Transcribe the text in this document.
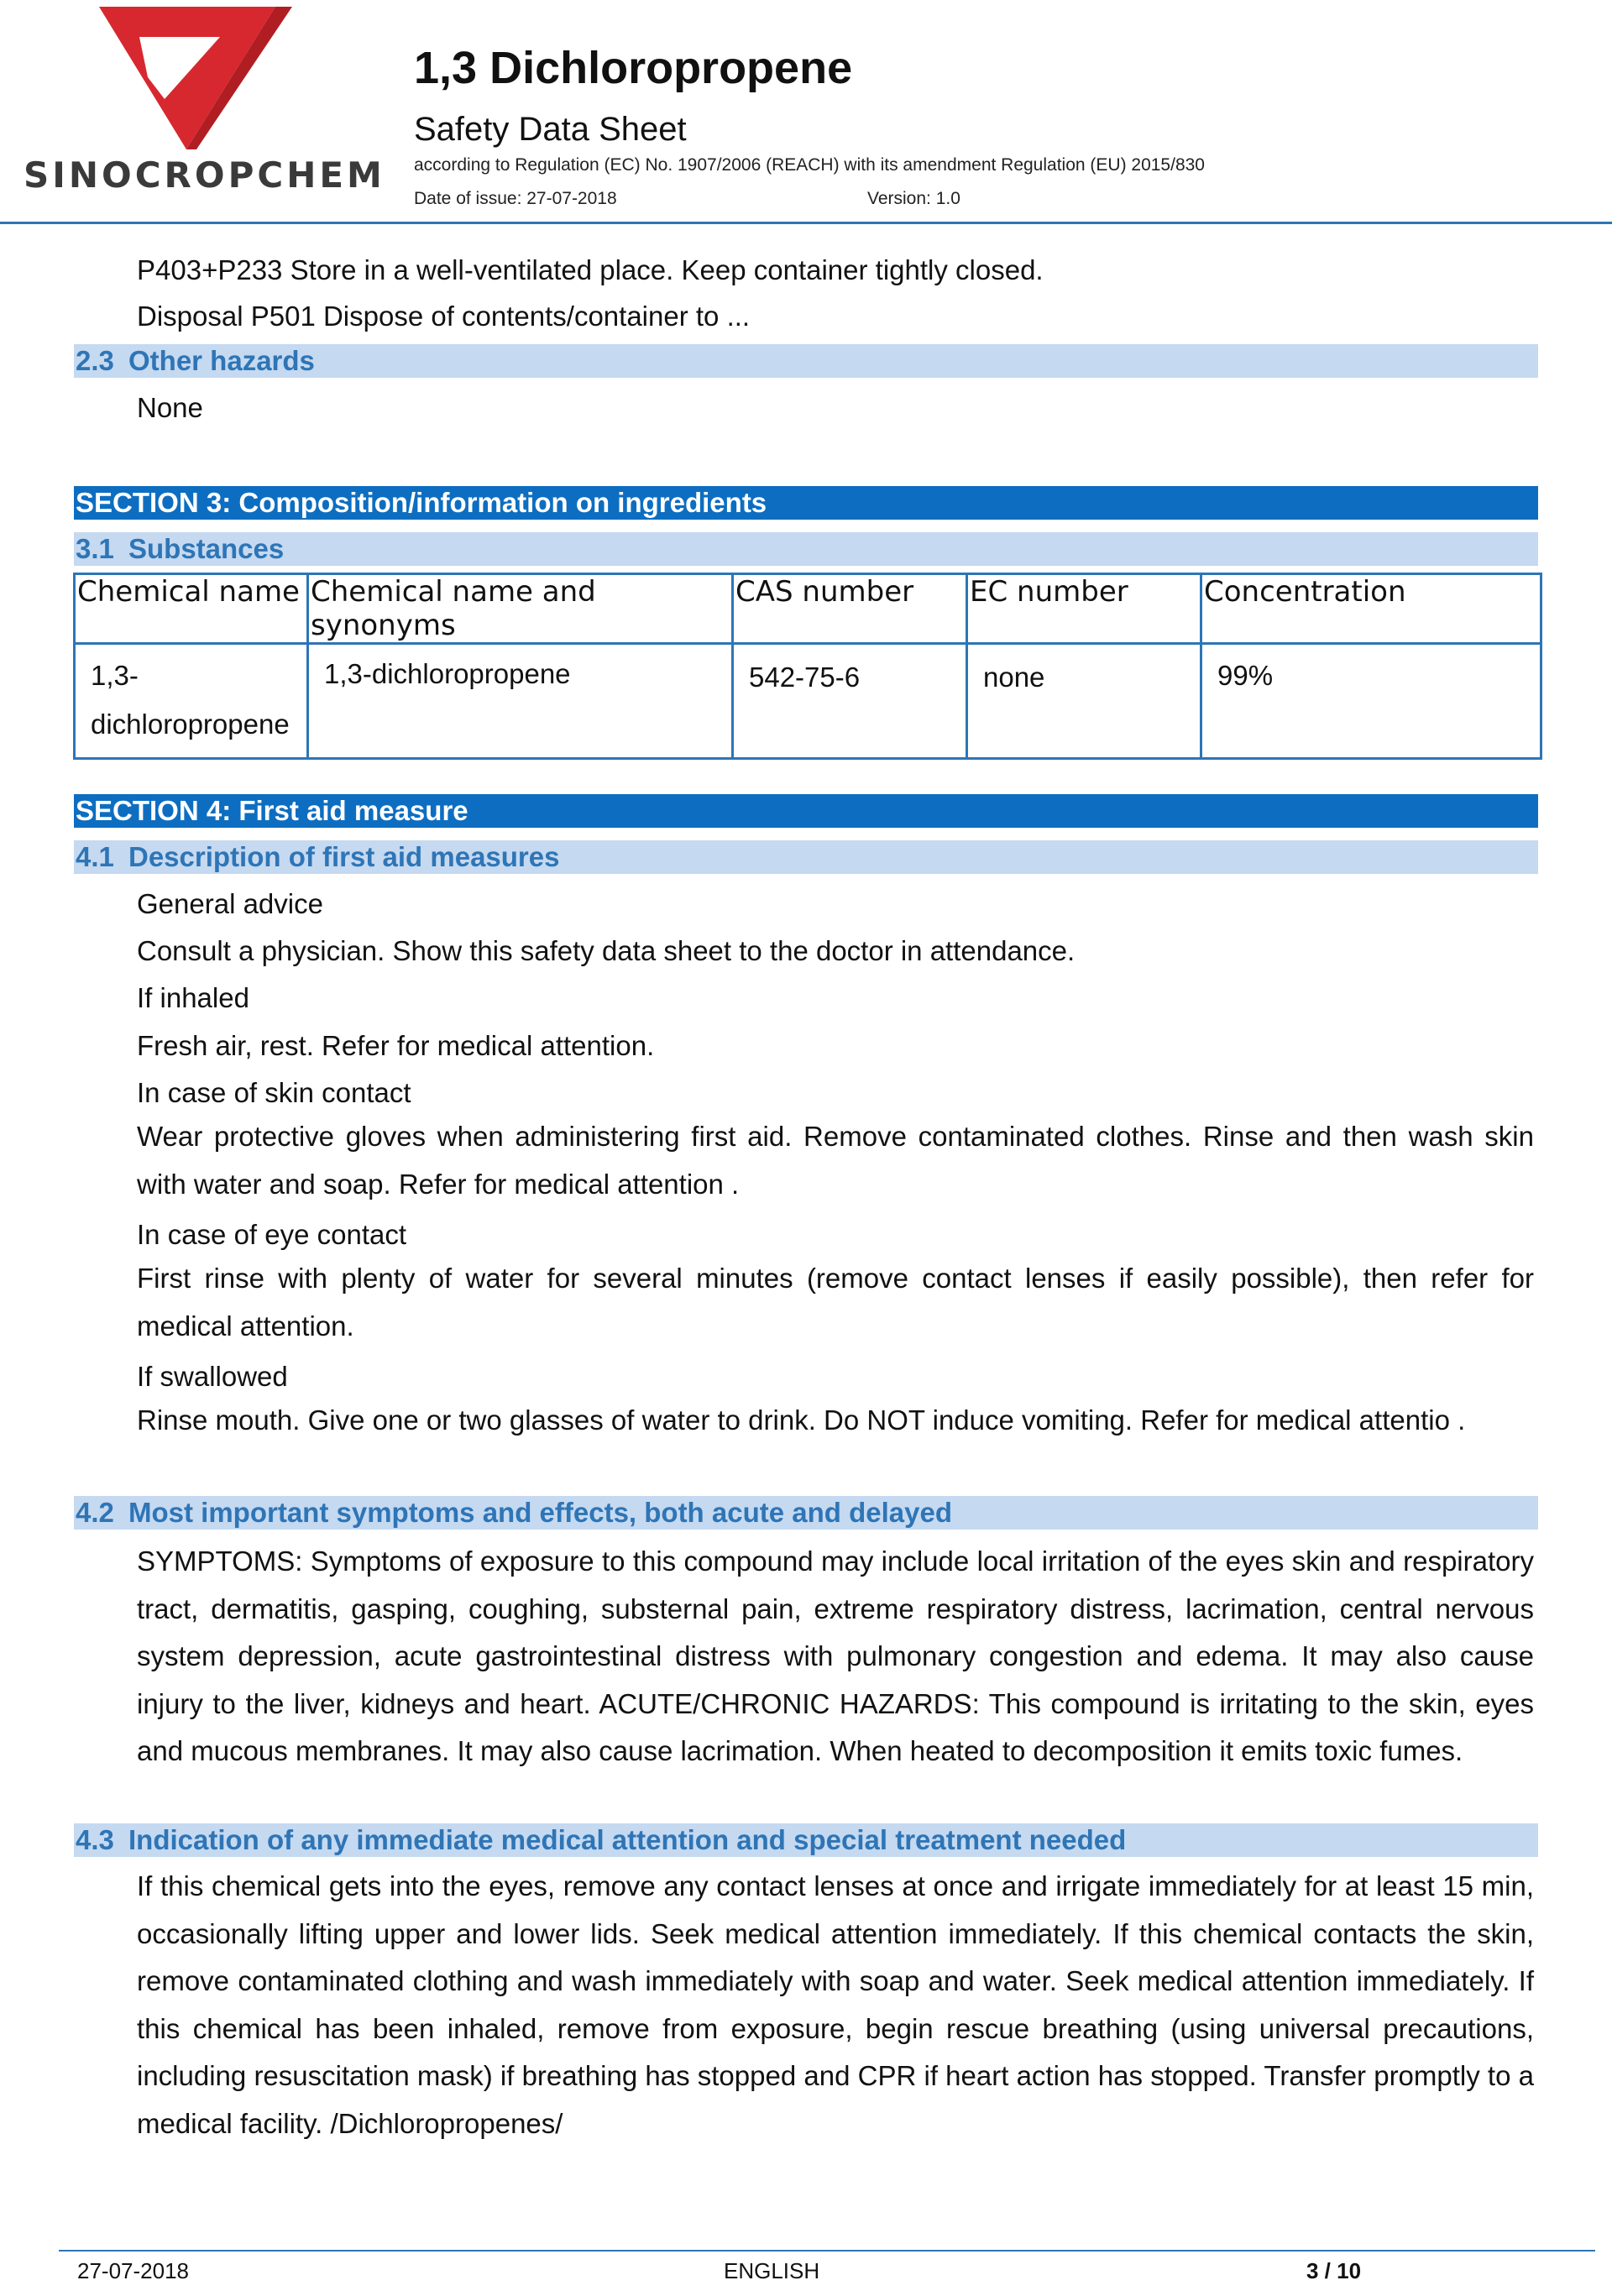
SINOCROPCHEM
1,3 Dichloropropene
Safety Data Sheet
according to Regulation (EC) No. 1907/2006 (REACH) with its amendment Regulation (EU) 2015/830
Date of issue: 27-07-2018	Version: 1.0
P403+P233 Store in a well-ventilated place. Keep container tightly closed.
Disposal P501 Dispose of contents/container to ...
2.3 Other hazards
None
SECTION 3: Composition/information on ingredients
3.1 Substances
Chemical name	Chemical name and synonyms	CAS number	EC number	Concentration

1,3-
dichloropropene	1,3-dichloropropene	542-75-6	none	99%
SECTION 4: First aid measure
4.1 Description of first aid measures
General advice
Consult a physician. Show this safety data sheet to the doctor in attendance.
If inhaled
Fresh air, rest. Refer for medical attention.
In case of skin contact
Wear protective gloves when administering first aid. Remove contaminated clothes. Rinse and then wash skin with water and soap. Refer for medical attention .
In case of eye contact
First rinse with plenty of water for several minutes (remove contact lenses if easily possible), then refer for medical attention.
If swallowed
Rinse mouth. Give one or two glasses of water to drink. Do NOT induce vomiting. Refer for medical attentio .
4.2 Most important symptoms and effects, both acute and delayed
SYMPTOMS: Symptoms of exposure to this compound may include local irritation of the eyes skin and respiratory tract, dermatitis, gasping, coughing, substernal pain, extreme respiratory distress, lacrimation, central nervous system depression, acute gastrointestinal distress with pulmonary congestion and edema. It may also cause injury to the liver, kidneys and heart. ACUTE/CHRONIC HAZARDS: This compound is irritating to the skin, eyes and mucous membranes. It may also cause lacrimation. When heated to decomposition it emits toxic fumes.
4.3 Indication of any immediate medical attention and special treatment needed
If this chemical gets into the eyes, remove any contact lenses at once and irrigate immediately for at least 15 min, occasionally lifting upper and lower lids. Seek medical attention immediately. If this chemical contacts the skin, remove contaminated clothing and wash immediately with soap and water. Seek medical attention immediately. If this chemical has been inhaled, remove from exposure, begin rescue breathing (using universal precautions, including resuscitation mask) if breathing has stopped and CPR if heart action has stopped. Transfer promptly to a medical facility. /Dichloropropenes/
27-07-2018	ENGLISH	3 / 10
